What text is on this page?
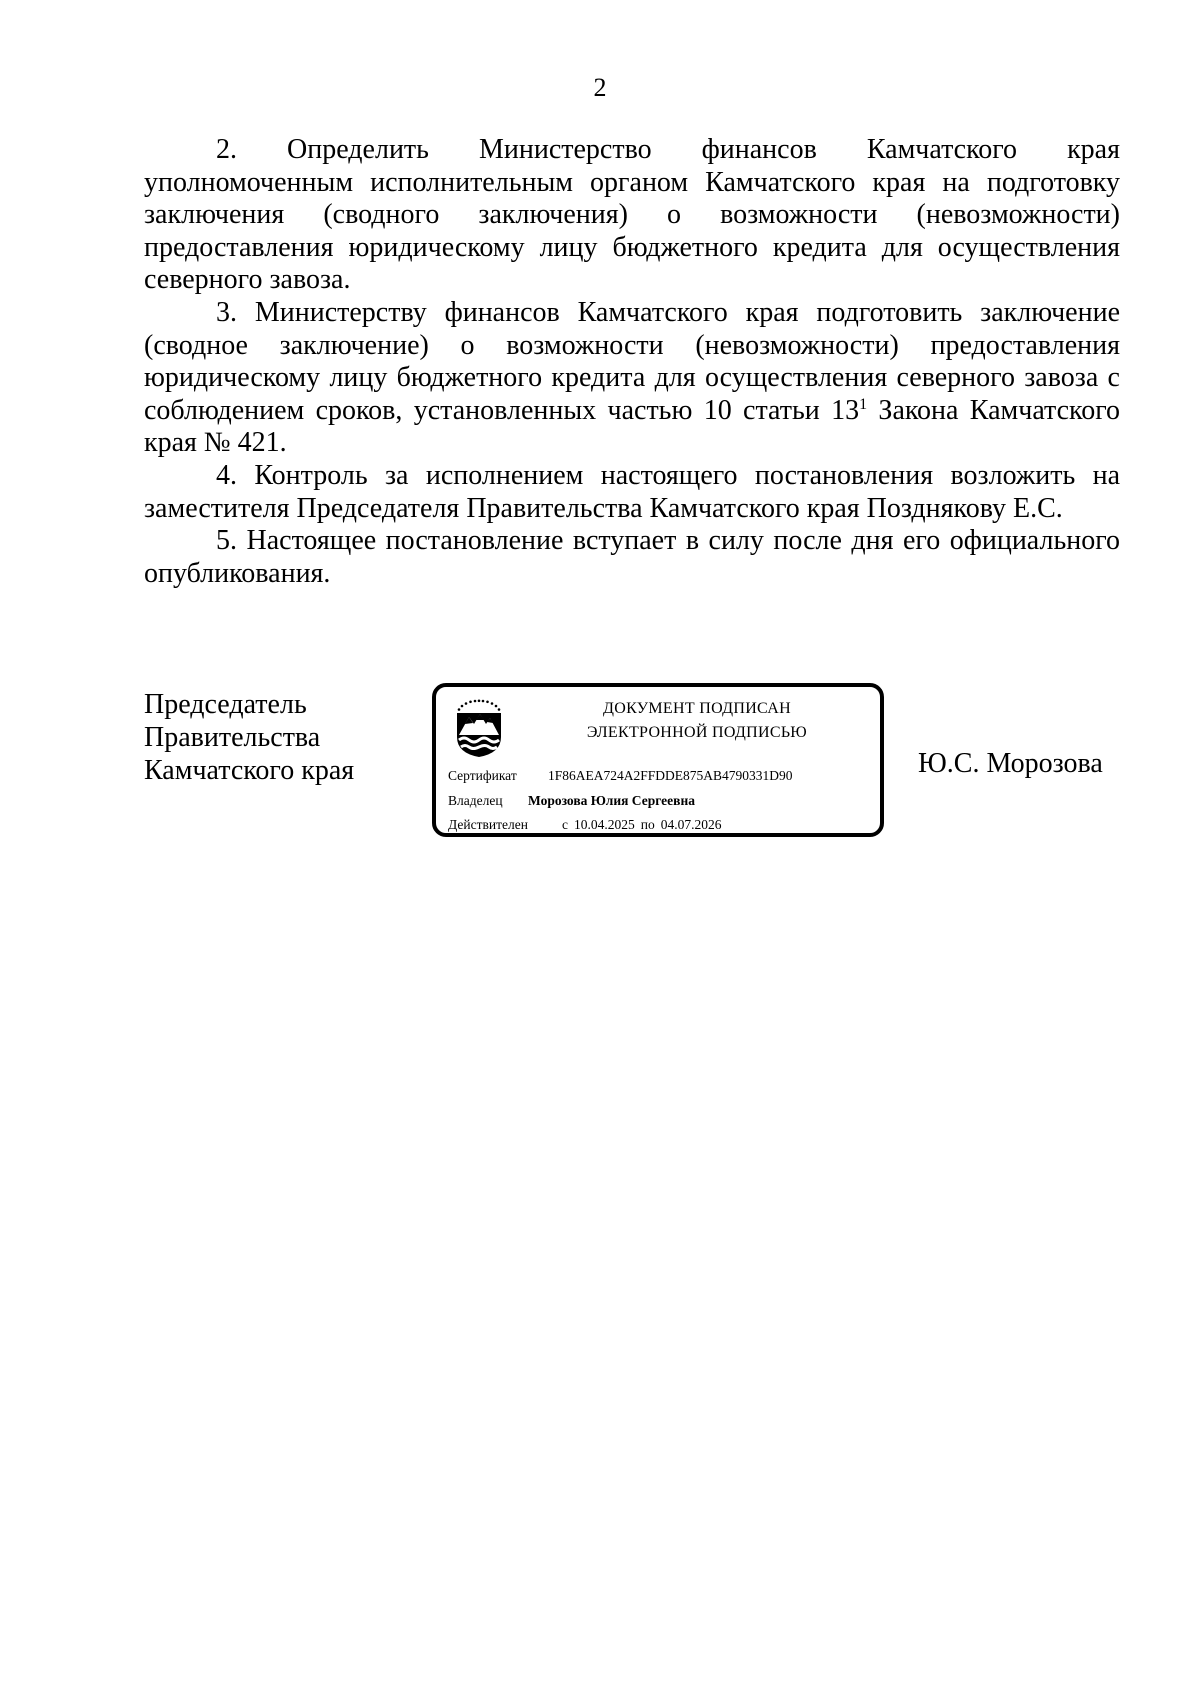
2

2. Определить Министерство финансов Камчатского края уполномоченным исполнительным органом Камчатского края на подготовку заключения (сводного заключения) о возможности (невозможности) предоставления юридическому лицу бюджетного кредита для осуществления северного завоза.

3. Министерству финансов Камчатского края подготовить заключение (сводное заключение) о возможности (невозможности) предоставления юридическому лицу бюджетного кредита для осуществления северного завоза с соблюдением сроков, установленных частью 10 статьи $13^1$ Закона Камчатского края № 421.

4. Контроль за исполнением настоящего постановления возложить на заместителя Председателя Правительства Камчатского края Позднякову Е.С.

5. Настоящее постановление вступает в силу после дня его официального опубликования.

Председатель
Правительства
Камчатского края
ДОКУМЕНТ ПОДПИСАН
ЭЛЕКТРОННОЙ ПОДПИСЬЮ
Сертификат 1F86AEA724A2FFDDE875AB4790331D90
Владелец Морозова Юлия Сергеевна
Действителен	с 10.04.2025 по 04.07.2026
Ю.С. Морозова
